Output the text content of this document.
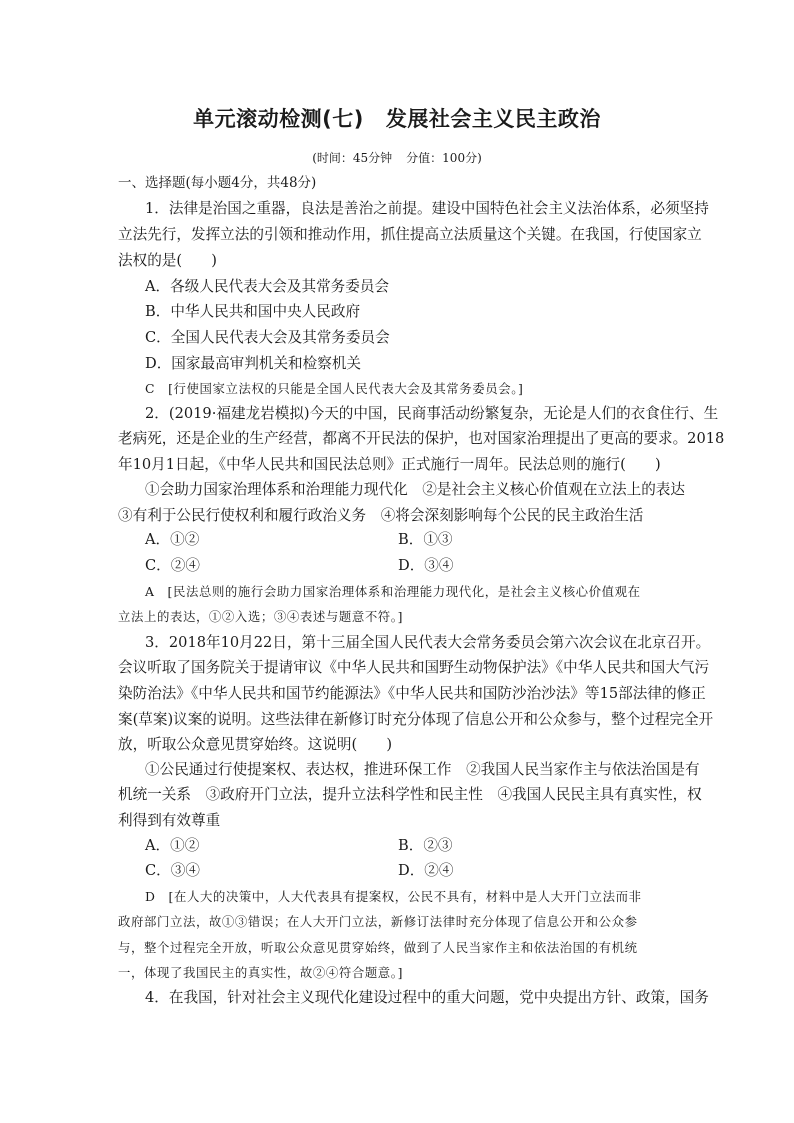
单元滚动检测(七) 发展社会主义民主政治
(时间：45分钟 分值：100分)
一、选择题(每小题4分，共48分)
1．法律是治国之重器，良法是善治之前提。建设中国特色社会主义法治体系，必须坚持
立法先行，发挥立法的引领和推动作用，抓住提高立法质量这个关键。在我国，行使国家立
法权的是(　　)
A．各级人民代表大会及其常务委员会
B．中华人民共和国中央人民政府
C．全国人民代表大会及其常务委员会
D．国家最高审判机关和检察机关
C　[行使国家立法权的只能是全国人民代表大会及其常务委员会。]
2．(2019·福建龙岩模拟)今天的中国，民商事活动纷繁复杂，无论是人们的衣食住行、生
老病死，还是企业的生产经营，都离不开民法的保护，也对国家治理提出了更高的要求。2018
年10月1日起，《中华人民共和国民法总则》正式施行一周年。民法总则的施行(　　)
①会助力国家治理体系和治理能力现代化　②是社会主义核心价值观在立法上的表达
③有利于公民行使权利和履行政治义务　④将会深刻影响每个公民的民主政治生活
A．①②	B．①③
C．②④	D．③④
A　[民法总则的施行会助力国家治理体系和治理能力现代化，是社会主义核心价值观在
立法上的表达，①②入选；③④表述与题意不符。]
3．2018年10月22日，第十三届全国人民代表大会常务委员会第六次会议在北京召开。
会议听取了国务院关于提请审议《中华人民共和国野生动物保护法》《中华人民共和国大气污
染防治法》《中华人民共和国节约能源法》《中华人民共和国防沙治沙法》等15部法律的修正
案(草案)议案的说明。这些法律在新修订时充分体现了信息公开和公众参与，整个过程完全开
放，听取公众意见贯穿始终。这说明(　　)
①公民通过行使提案权、表达权，推进环保工作　②我国人民当家作主与依法治国是有
机统一关系　③政府开门立法，提升立法科学性和民主性　④我国人民民主具有真实性，权
利得到有效尊重
A．①②	B．②③
C．③④	D．②④
D　[在人大的决策中，人大代表具有提案权，公民不具有，材料中是人大开门立法而非
政府部门立法，故①③错误；在人大开门立法，新修订法律时充分体现了信息公开和公众参
与，整个过程完全开放，听取公众意见贯穿始终，做到了人民当家作主和依法治国的有机统
一，体现了我国民主的真实性，故②④符合题意。]
4．在我国，针对社会主义现代化建设过程中的重大问题，党中央提出方针、政策，国务
